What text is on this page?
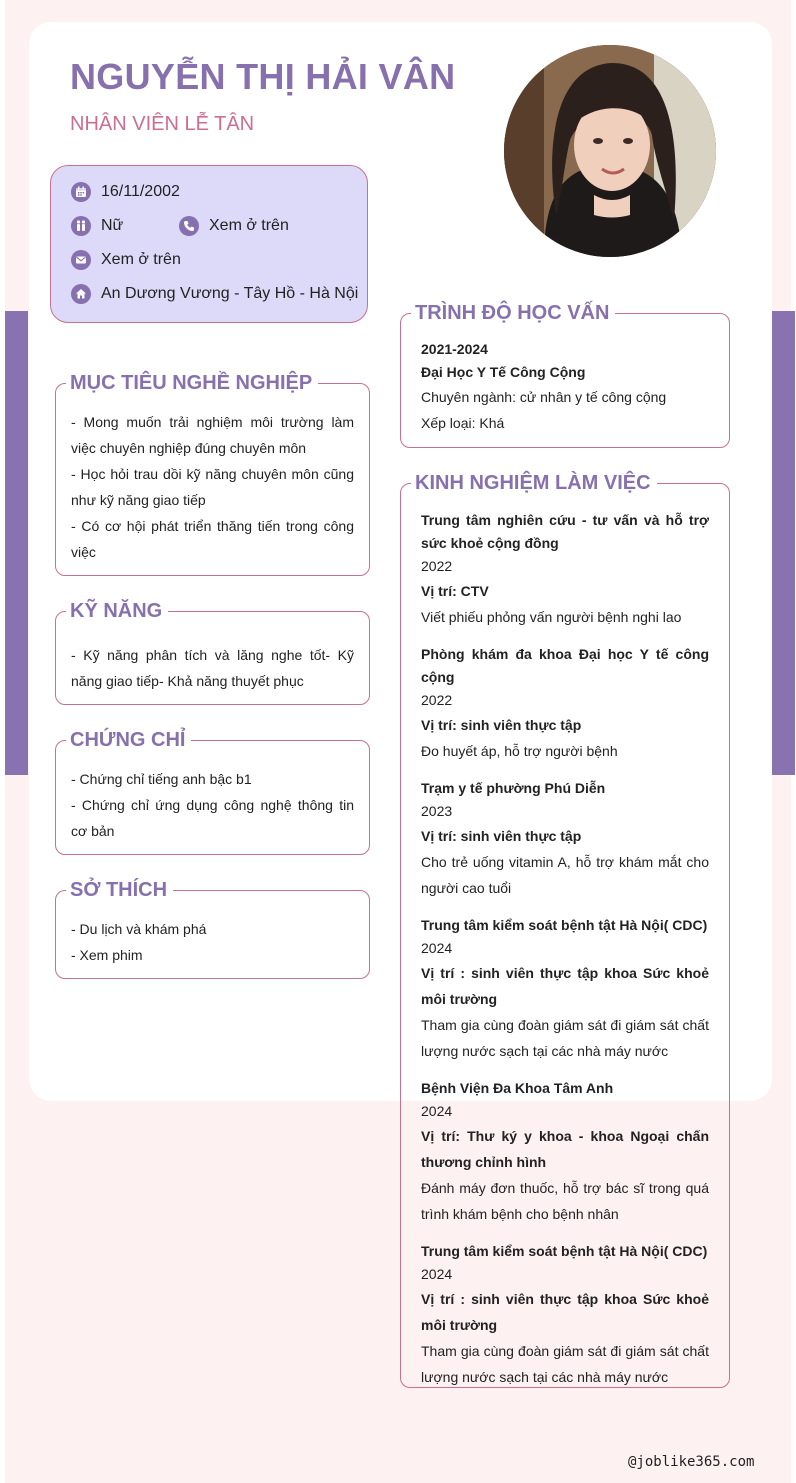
NGUYỄN THỊ HẢI VÂN
NHÂN VIÊN LỄ TÂN
16/11/2002
Nữ	Xem ở trên
Xem ở trên
An Dương Vương - Tây Hồ - Hà Nội
MỤC TIÊU NGHỀ NGHIỆP
- Mong muốn trải nghiệm môi trường làm việc chuyên nghiệp đúng chuyên môn
- Học hỏi trau dồi kỹ năng chuyên môn cũng như kỹ năng giao tiếp
- Có cơ hội phát triển thăng tiến trong công việc
KỸ NĂNG
- Kỹ năng phân tích và lăng nghe tốt- Kỹ năng giao tiếp- Khả năng thuyết phục
CHỨNG CHỈ
- Chứng chỉ tiếng anh bậc b1
- Chứng chỉ ứng dụng công nghệ thông tin cơ bản
SỞ THÍCH
- Du lịch và khám phá
- Xem phim
TRÌNH ĐỘ HỌC VẤN
2021-2024
Đại Học Y Tế Công Cộng
Chuyên ngành: cử nhân y tế công cộng
Xếp loại: Khá
KINH NGHIỆM LÀM VIỆC
Trung tâm nghiên cứu - tư vấn và hỗ trợ sức khoẻ cộng đồng
2022
Vị trí: CTV
Viết phiếu phỏng vấn người bệnh nghi lao
Phòng khám đa khoa Đại học Y tế công cộng
2022
Vị trí: sinh viên thực tập
Đo huyết áp, hỗ trợ người bệnh
Trạm y tế phường Phú Diễn
2023
Vị trí: sinh viên thực tập
Cho trẻ uống vitamin A, hỗ trợ khám mắt cho người cao tuổi
Trung tâm kiểm soát bệnh tật Hà Nội( CDC)
2024
Vị trí : sinh viên thực tập khoa Sức khoẻ môi trường
Tham gia cùng đoàn giám sát đi giám sát chất lượng nước sạch tại các nhà máy nước
Bệnh Viện Đa Khoa Tâm Anh
2024
Vị trí: Thư ký y khoa - khoa Ngoại chấn thương chỉnh hình
Đánh máy đơn thuốc, hỗ trợ bác sĩ trong quá trình khám bệnh cho bệnh nhân
Trung tâm kiểm soát bệnh tật Hà Nội( CDC)
2024
Vị trí : sinh viên thực tập khoa Sức khoẻ môi trường
Tham gia cùng đoàn giám sát đi giám sát chất lượng nước sạch tại các nhà máy nước
@joblike365.com
